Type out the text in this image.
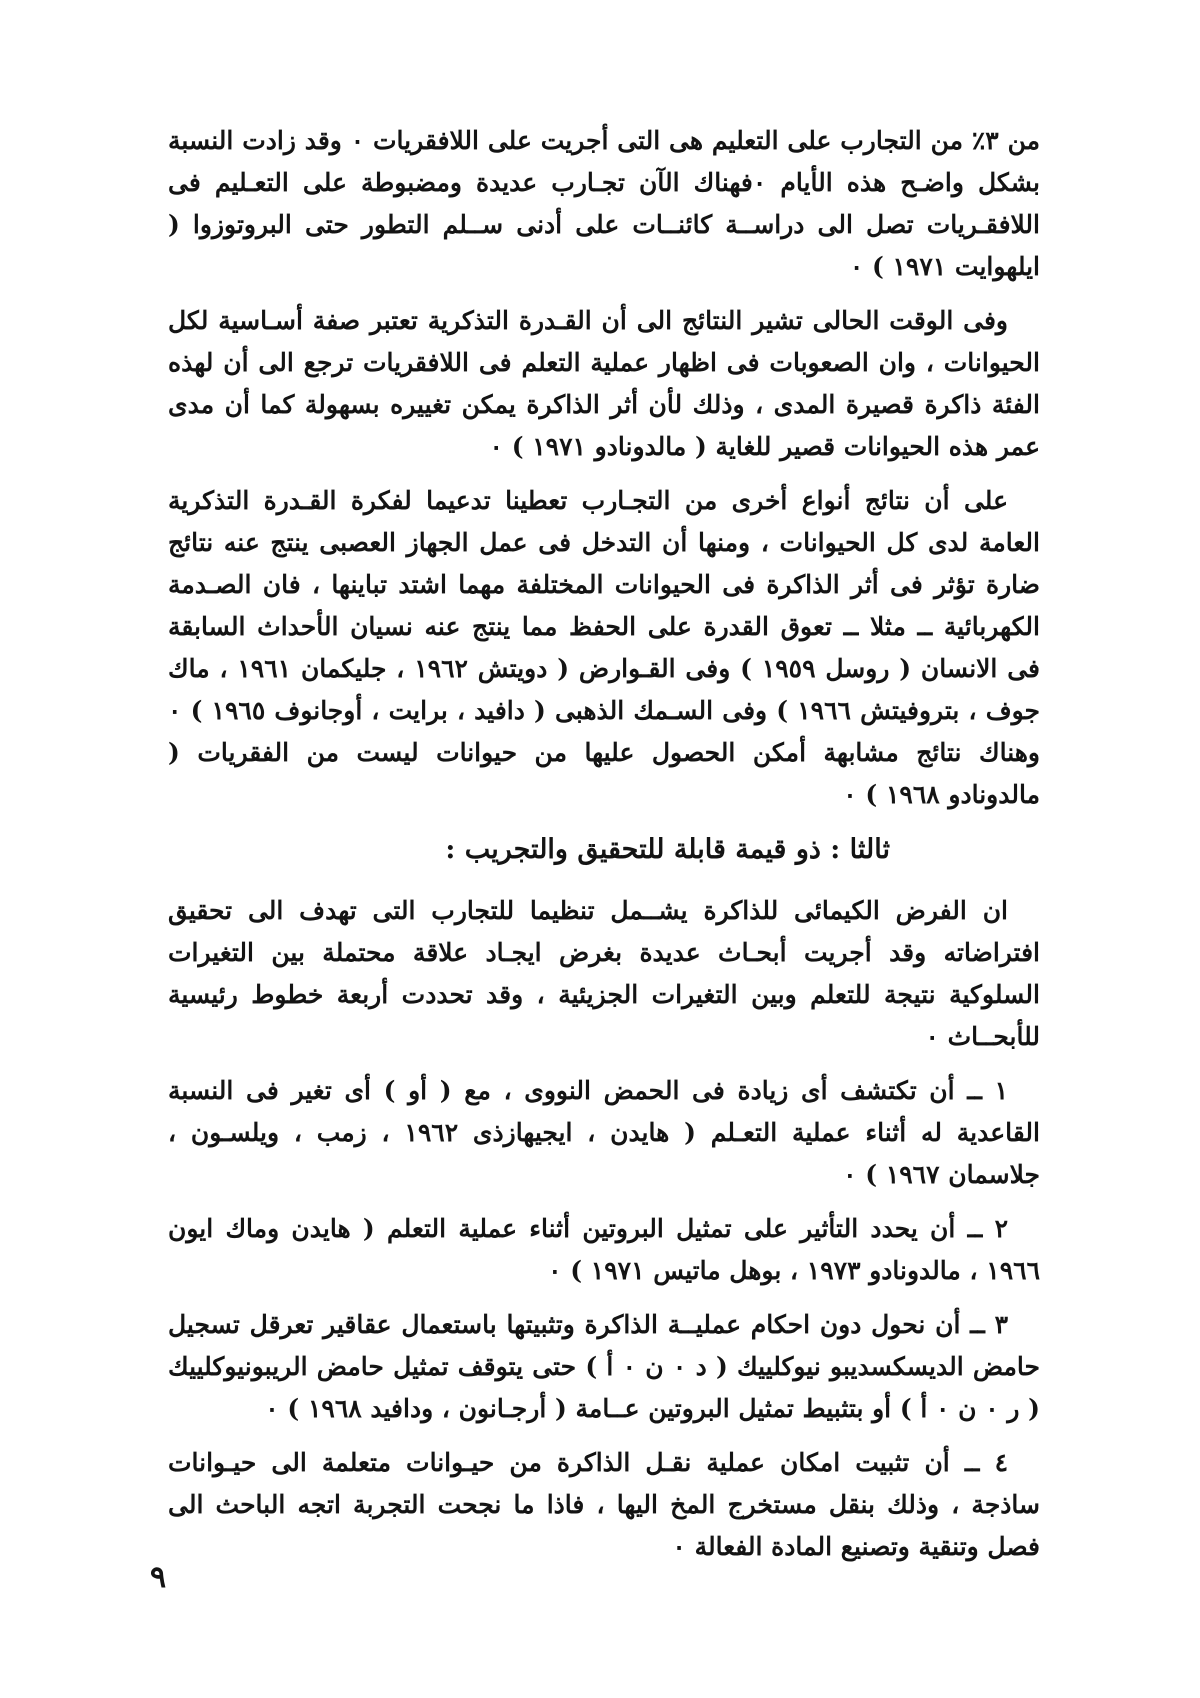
من ٣٪ من التجارب على التعليم هى التى أجريت على اللافقريات ٠ وقد زادت النسبة بشكل واضـح هذه الأيام ٠فهناك الآن تجـارب عديدة ومضبوطة على التعـليم فى اللافقـريات تصل الى دراســة كائنــات على أدنى ســلم التطور حتى البروتوزوا ( ايلهوايت ١٩٧١ ) ٠

وفى الوقت الحالى تشير النتائج الى أن القـدرة التذكرية تعتبر صفة أسـاسية لكل الحيوانات ، وان الصعوبات فى اظهار عملية التعلم فى اللافقريات ترجع الى أن لهذه الفئة ذاكرة قصيرة المدى ، وذلك لأن أثر الذاكرة يمكن تغييره بسهولة كما أن مدى عمر هذه الحيوانات قصير للغاية ( مالدونادو ١٩٧١ ) ٠

على أن نتائج أنواع أخرى من التجـارب تعطينا تدعيما لفكرة القـدرة التذكرية العامة لدى كل الحيوانات ، ومنها أن التدخل فى عمل الجهاز العصبى ينتج عنه نتائج ضارة تؤثر فى أثر الذاكرة فى الحيوانات المختلفة مهما اشتد تباينها ، فان الصـدمة الكهربائية ــ مثلا ــ تعوق القدرة على الحفظ مما ينتج عنه نسيان الأحداث السابقة فى الانسان ( روسل ١٩٥٩ ) وفى القـوارض ( دويتش ١٩٦٢ ، جليكمان ١٩٦١ ، ماك جوف ، بتروفيتش ١٩٦٦ ) وفى السـمك الذهبى ( دافيد ، برايت ، أوجانوف ١٩٦٥ ) ٠ وهناك نتائج مشابهة أمكن الحصول عليها من حيوانات ليست من الفقريات ( مالدونادو ١٩٦٨ ) ٠

ثالثا : ذو قيمة قابلة للتحقيق والتجريب :

ان الفرض الكيمائى للذاكرة يشــمل تنظيما للتجارب التى تهدف الى تحقيق افتراضاته وقد أجريت أبحـاث عديدة بغرض ايجـاد علاقة محتملة بين التغيرات السلوكية نتيجة للتعلم وبين التغيرات الجزيئية ، وقد تحددت أربعة خطوط رئيسية للأبحــاث ٠

١ ــ أن تكتشف أى زيادة فى الحمض النووى ، مع ( أو ) أى تغير فى النسبة القاعدية له أثناء عملية التعـلم ( هايدن ، ايجيهازذى ١٩٦٢ ، زمب ، ويلسـون ، جلاسمان ١٩٦٧ ) ٠

٢ ــ أن يحدد التأثير على تمثيل البروتين أثناء عملية التعلم ( هايدن وماك ايون ١٩٦٦ ، مالدونادو ١٩٧٣ ، بوهل ماتيس ١٩٧١ ) ٠

٣ ــ أن نحول دون احكام عمليــة الذاكرة وتثبيتها باستعمال عقاقير تعرقل تسجيل حامض الديسكسديبو نيوكلييك ( د ٠ ن ٠ أ ) حتى يتوقف تمثيل حامض الريبونيوكلييك ( ر ٠ ن ٠ أ ) أو بتثبيط تمثيل البروتين عــامة ( أرجـانون ، ودافيد ١٩٦٨ ) ٠

٤ ــ أن تثبيت امكان عملية نقـل الذاكرة من حيـوانات متعلمة الى حيـوانات ساذجة ، وذلك بنقل مستخرج المخ اليها ، فاذا ما نجحت التجربة اتجه الباحث الى فصل وتنقية وتصنيع المادة الفعالة ٠

٩
